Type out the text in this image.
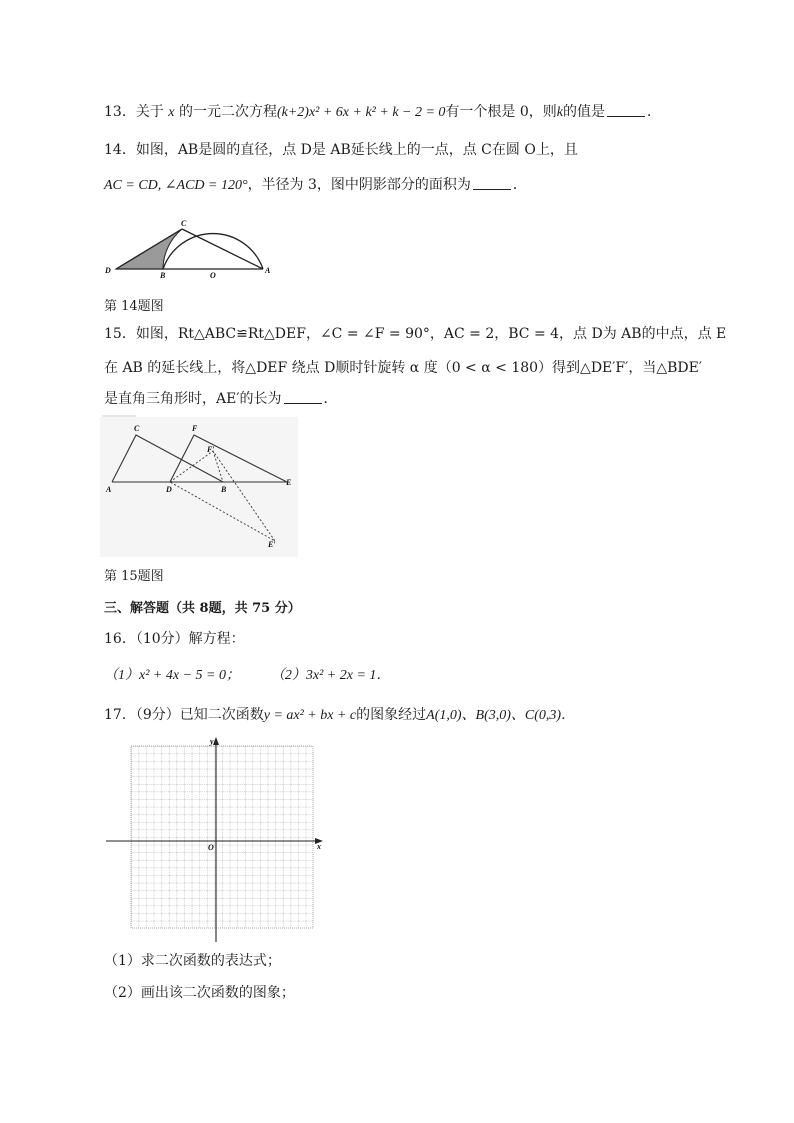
13．关于 x 的一元二次方程(k+2)x² + 6x + k² + k − 2 = 0有一个根是 0，则k的值是	．
14．如图，AB是圆的直径，点 D是 AB延长线上的一点，点 C在圆 O上，且
AC = CD, ∠ACD = 120°，半径为 3，图中阴影部分的面积为	．
C
D
B	O
A
第 14题图
15．如图，Rt△ABC≌Rt△DEF，∠C = ∠F = 90°，AC = 2，BC = 4，点 D为 AB的中点，点 E
在 AB 的延长线上，将△DEF 绕点 D顺时针旋转 α 度（0 < α < 180）得到△DE′F′，当△BDE′
是直角三角形时，AE′的长为	．
C	F
F′
A	D	B
E
E′
第 15题图
三、解答题（共 8题，共 75 分）
16．（10分）解方程：
（1）x² + 4x − 5 = 0； （2）3x² + 2x = 1．
17．（9分）已知二次函数y = ax² + bx + c的图象经过A(1,0)、B(3,0)、C(0,3)．
y
x
O
（1）求二次函数的表达式；
（2）画出该二次函数的图象；
